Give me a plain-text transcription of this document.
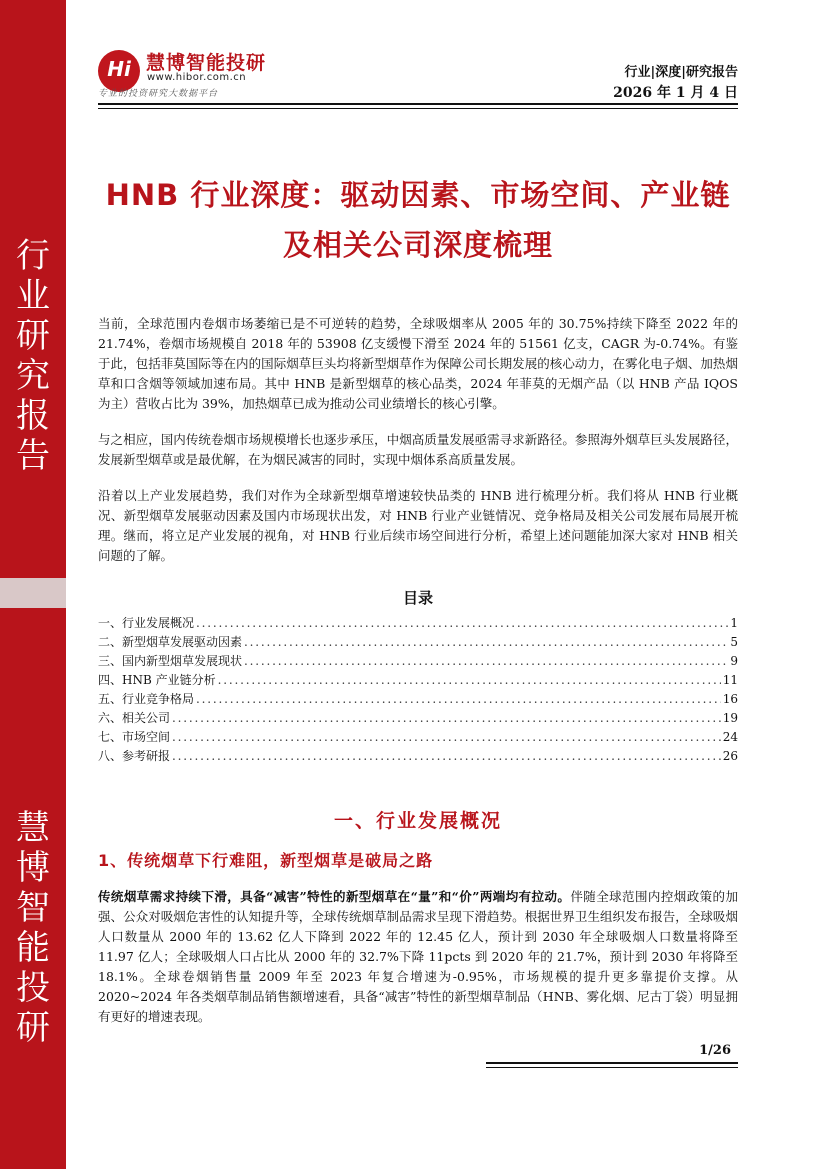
行业研究报告
慧博智能投研
Hi 慧博智能投研
www.hibor.com.cn
专业的投资研究大数据平台
行业|深度|研究报告
2026 年 1 月 4 日
HNB 行业深度：驱动因素、市场空间、产业链及相关公司深度梳理
当前，全球范围内卷烟市场萎缩已是不可逆转的趋势，全球吸烟率从 2005 年的 30.75%持续下降至 2022 年的 21.74%，卷烟市场规模自 2018 年的 53908 亿支缓慢下滑至 2024 年的 51561 亿支，CAGR 为-0.74%。有鉴于此，包括菲莫国际等在内的国际烟草巨头均将新型烟草作为保障公司长期发展的核心动力，在雾化电子烟、加热烟草和口含烟等领域加速布局。其中 HNB 是新型烟草的核心品类，2024 年菲莫的无烟产品（以 HNB 产品 IQOS 为主）营收占比为 39%，加热烟草已成为推动公司业绩增长的核心引擎。
与之相应，国内传统卷烟市场规模增长也逐步承压，中烟高质量发展亟需寻求新路径。参照海外烟草巨头发展路径，发展新型烟草或是最优解，在为烟民减害的同时，实现中烟体系高质量发展。
沿着以上产业发展趋势，我们对作为全球新型烟草增速较快品类的 HNB 进行梳理分析。我们将从 HNB 行业概况、新型烟草发展驱动因素及国内市场现状出发，对 HNB 行业产业链情况、竞争格局及相关公司发展布局展开梳理。继而，将立足产业发展的视角，对 HNB 行业后续市场空间进行分析，希望上述问题能加深大家对 HNB 相关问题的了解。
目录
一、行业发展概况 . . .	1
二、新型烟草发展驱动因素 . . .	5
三、国内新型烟草发展现状 . . .	9
四、HNB 产业链分析 . . .	11
五、行业竞争格局 . . .	16
六、相关公司 . . .	19
七、市场空间 . . .	24
八、参考研报 . . .	26
一、行业发展概况
1、传统烟草下行难阻，新型烟草是破局之路
传统烟草需求持续下滑，具备“减害”特性的新型烟草在“量”和“价”两端均有拉动。伴随全球范围内控烟政策的加强、公众对吸烟危害性的认知提升等，全球传统烟草制品需求呈现下滑趋势。根据世界卫生组织发布报告，全球吸烟人口数量从 2000 年的 13.62 亿人下降到 2022 年的 12.45 亿人，预计到 2030 年全球吸烟人口数量将降至 11.97 亿人；全球吸烟人口占比从 2000 年的 32.7%下降 11pcts 到 2020 年的 21.7%，预计到 2030 年将降至 18.1%。全球卷烟销售量 2009 年至 2023 年复合增速为-0.95%，市场规模的提升更多靠提价支撑。从 2020~2024 年各类烟草制品销售额增速看，具备“减害”特性的新型烟草制品（HNB、雾化烟、尼古丁袋）明显拥有更好的增速表现。
1/26
